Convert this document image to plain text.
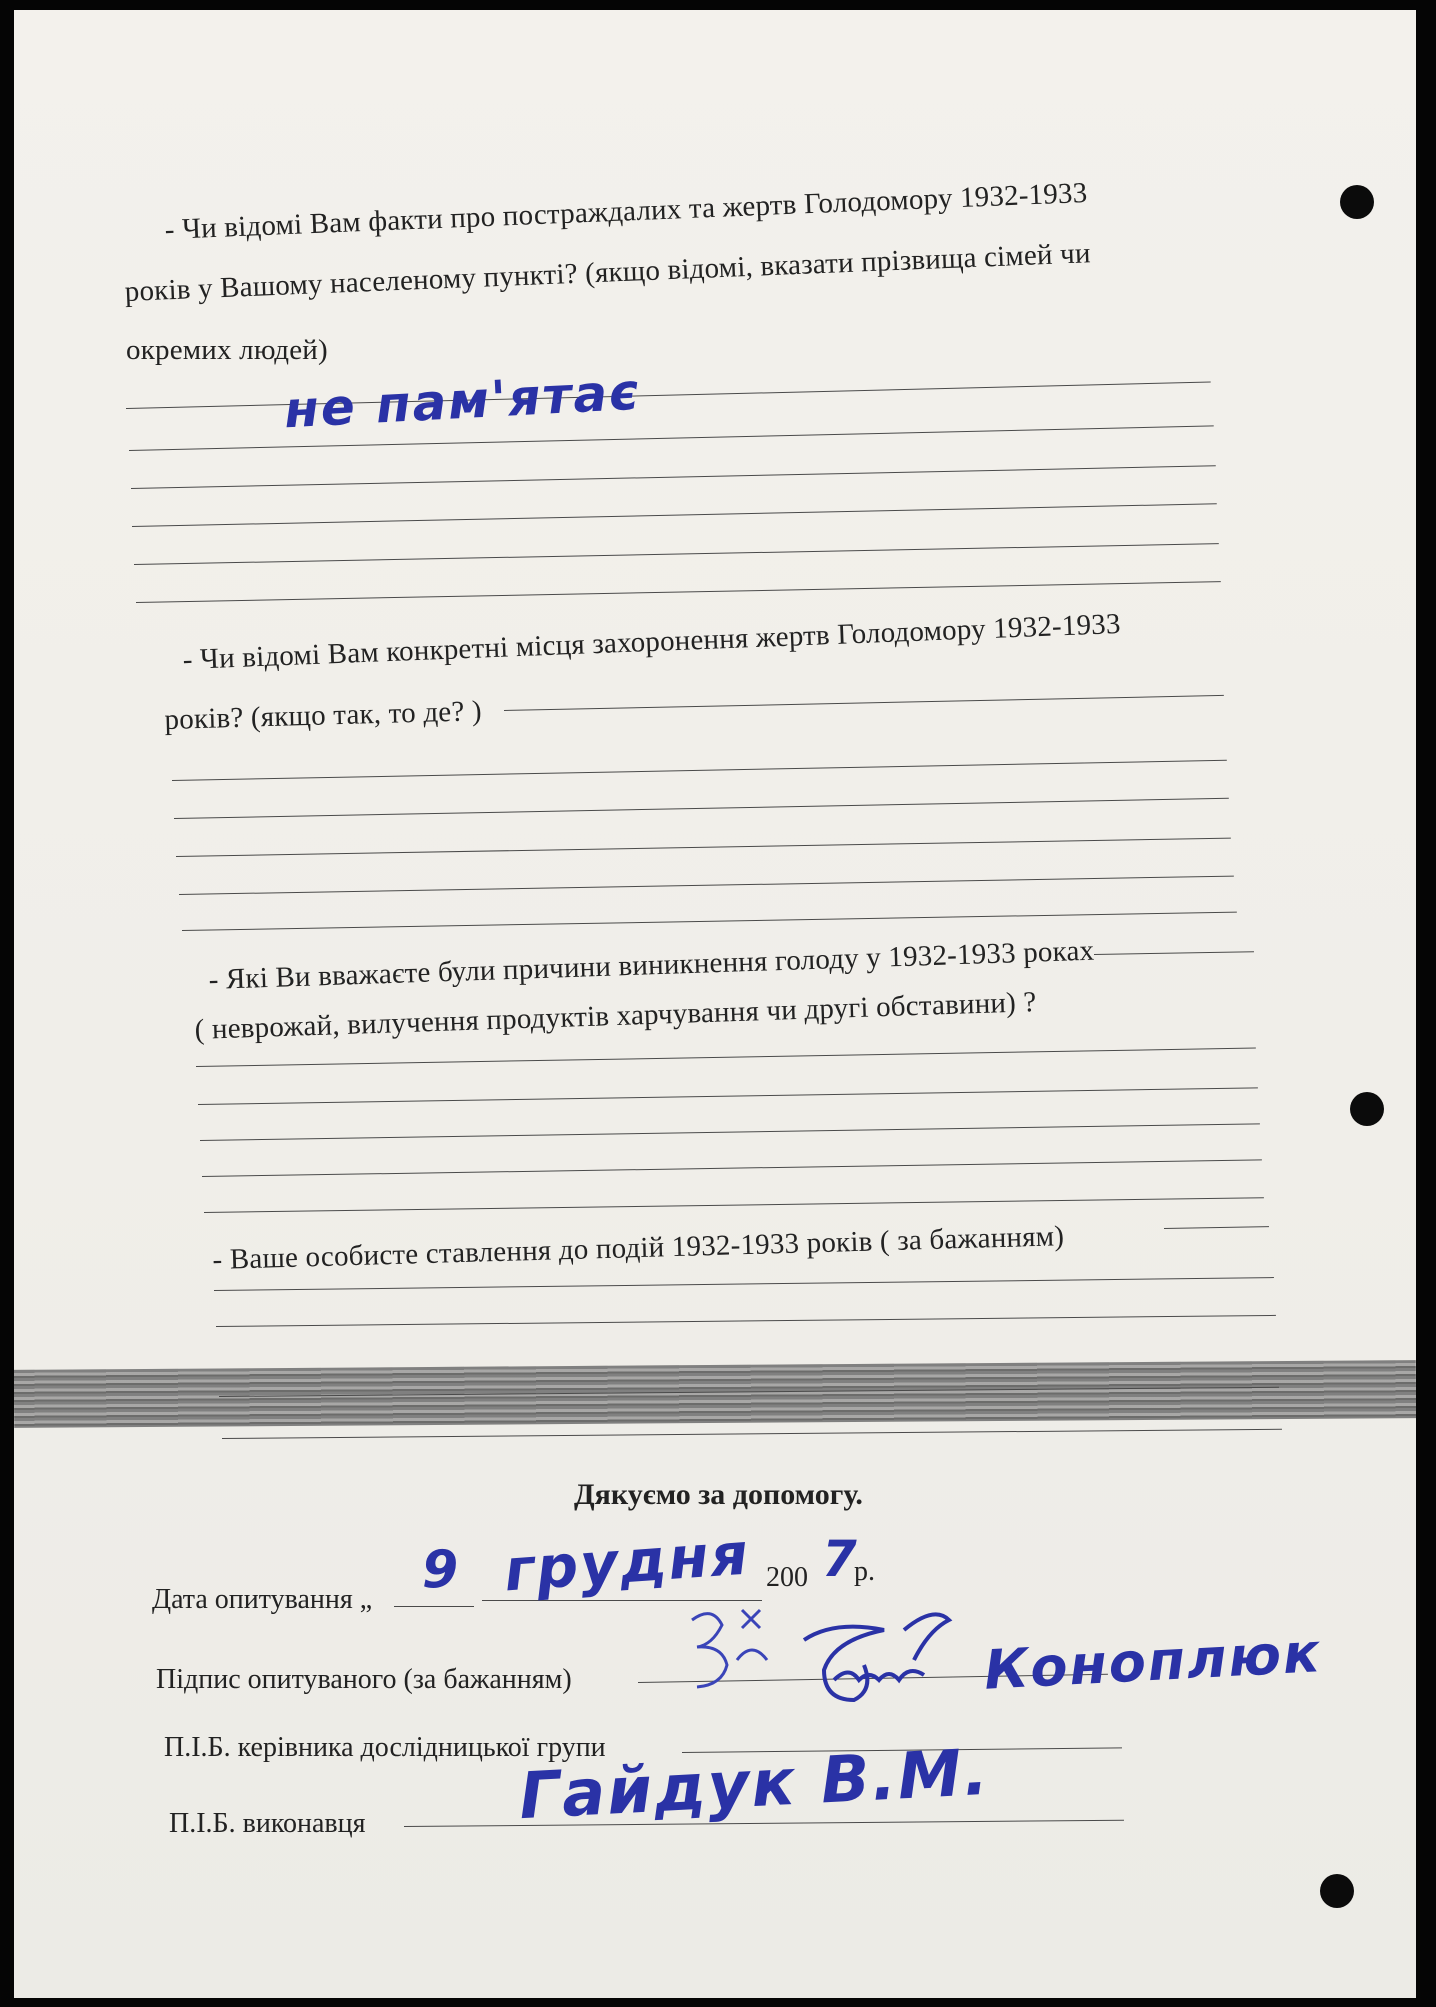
- Чи відомі Вам факти про постраждалих та жертв Голодомору 1932-1933
років у Вашому населеному пункті? (якщо відомі, вказати прізвища сімей чи
окремих людей)
не пам'ятає
- Чи відомі Вам конкретні місця захоронення жертв Голодомору 1932-1933
років? (якщо так, то де? )
- Які Ви вважаєте були причини виникнення голоду у 1932-1933 роках
( неврожай, вилучення продуктів харчування чи другі обставини) ?
- Ваше особисте ставлення до подій 1932-1933 років ( за бажанням)
Дякуємо за допомогу.
Дата опитування „ 9 грудня 200 7
р.
Підпис опитуваного (за бажанням)	Коноплюк
П.І.Б. керівника дослідницької групи
П.І.Б. виконавця Гайдук В.М.
